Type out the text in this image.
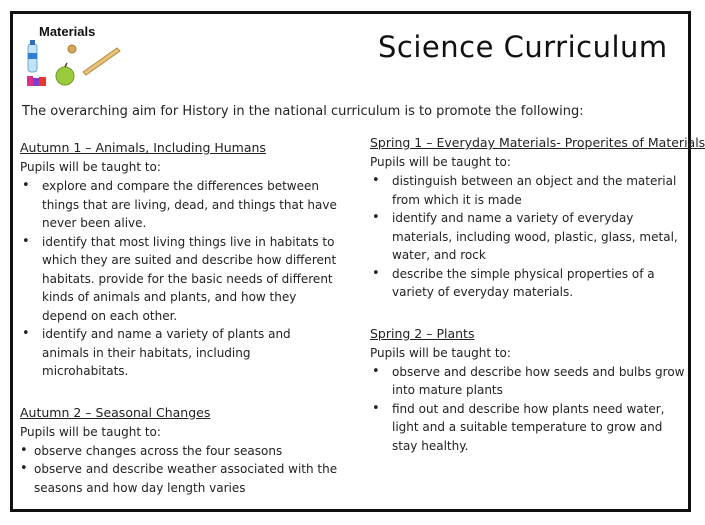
Materials	Science Curriculum
The overarching aim for History in the national curriculum is to promote the following:

Autumn 1 – Animals, Including Humans

Pupils will be taught to:

• explore and compare the differences between things that are living, dead, and things that have never been alive.
• identify that most living things live in habitats to which they are suited and describe how different habitats. provide for the basic needs of different kinds of animals and plants, and how they depend on each other.
• identify and name a variety of plants and animals in their habitats, including microhabitats.

Autumn 2 – Seasonal Changes

Pupils will be taught to:

• observe changes across the four seasons
• observe and describe weather associated with the seasons and how day length varies

Spring 1 – Everyday Materials- Properites of Materials

Pupils will be taught to:

• distinguish between an object and the material from which it is made
• identify and name a variety of everyday materials, including wood, plastic, glass, metal, water, and rock
• describe the simple physical properties of a variety of everyday materials.

Spring 2 – Plants

Pupils will be taught to:

• observe and describe how seeds and bulbs grow into mature plants
• find out and describe how plants need water, light and a suitable temperature to grow and stay healthy.
